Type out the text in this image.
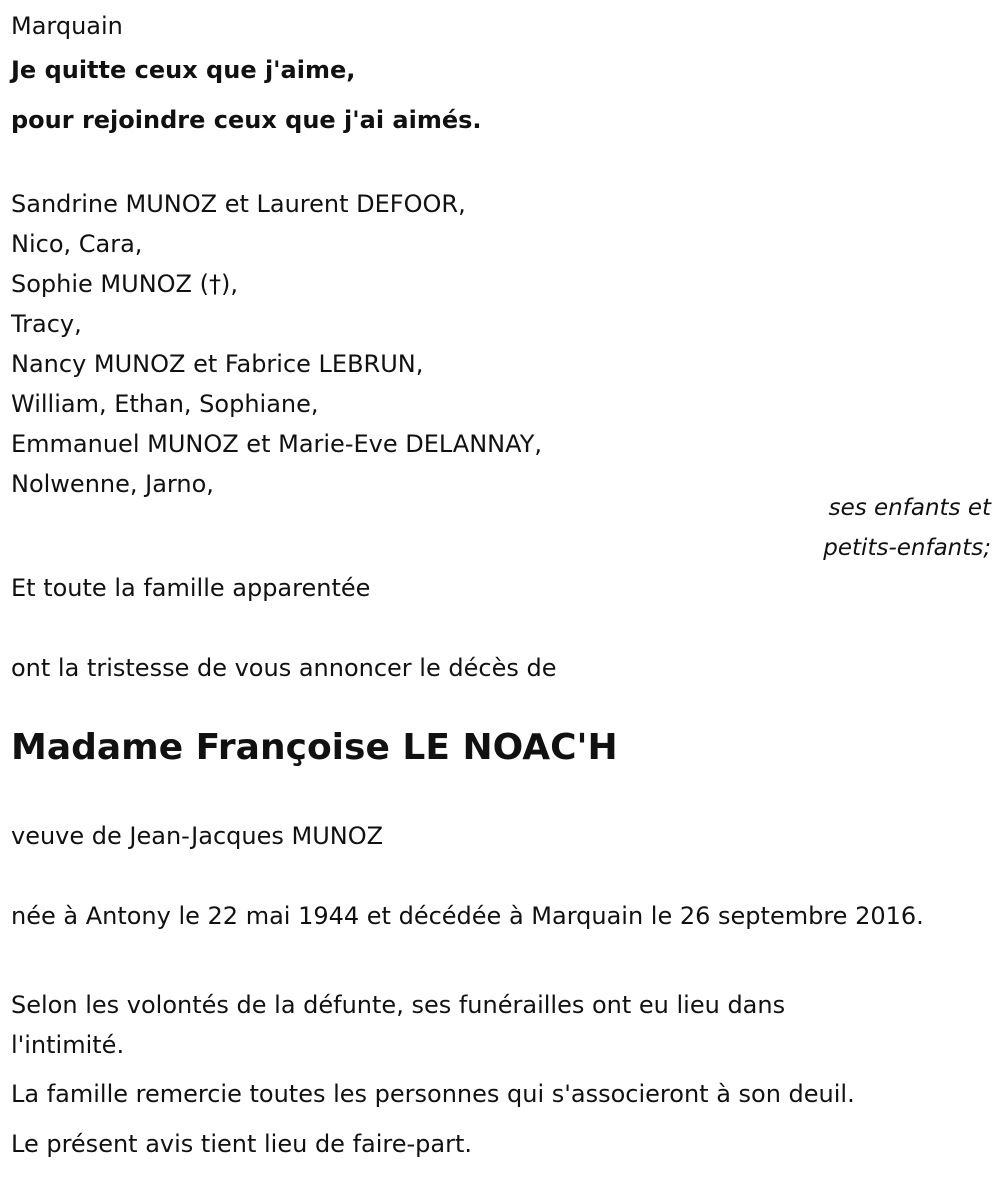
Marquain
Je quitte ceux que j'aime,
pour rejoindre ceux que j'ai aimés.
Sandrine MUNOZ et Laurent DEFOOR,
Nico, Cara,
Sophie MUNOZ (†),
Tracy,
Nancy MUNOZ et Fabrice LEBRUN,
William, Ethan, Sophiane,
Emmanuel MUNOZ et Marie-Eve DELANNAY,
Nolwenne, Jarno,
ses enfants et
petits-enfants;
Et toute la famille apparentée
ont la tristesse de vous annoncer le décès de
Madame Françoise LE NOAC'H
veuve de Jean-Jacques MUNOZ
née à Antony le 22 mai 1944 et décédée à Marquain le 26 septembre 2016.
Selon les volontés de la défunte, ses funérailles ont eu lieu dans l'intimité.
La famille remercie toutes les personnes qui s'associeront à son deuil.
Le présent avis tient lieu de faire-part.
